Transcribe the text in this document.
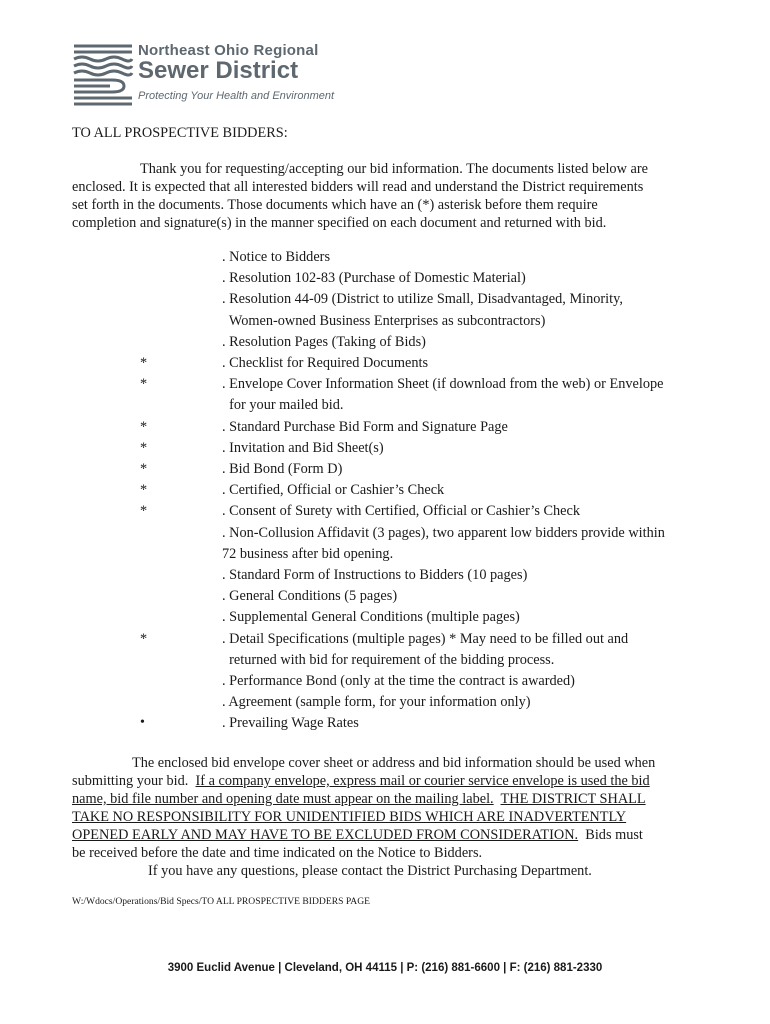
Northeast Ohio Regional
Sewer District
Protecting Your Health and Environment
TO ALL PROSPECTIVE BIDDERS:
Thank you for requesting/accepting our bid information. The documents listed below are
enclosed. It is expected that all interested bidders will read and understand the District requirements
set forth in the documents. Those documents which have an (*) asterisk before them require
completion and signature(s) in the manner specified on each document and returned with bid.
. Notice to Bidders
. Resolution 102-83 (Purchase of Domestic Material)
. Resolution 44-09 (District to utilize Small, Disadvantaged, Minority,
Women-owned Business Enterprises as subcontractors)
. Resolution Pages (Taking of Bids)
*	. Checklist for Required Documents
*	. Envelope Cover Information Sheet (if download from the web) or Envelope
for your mailed bid.
*	. Standard Purchase Bid Form and Signature Page
*	. Invitation and Bid Sheet(s)
*	. Bid Bond (Form D)
*	. Certified, Official or Cashier’s Check
*	. Consent of Surety with Certified, Official or Cashier’s Check
. Non-Collusion Affidavit (3 pages), two apparent low bidders provide within
72 business after bid opening.
. Standard Form of Instructions to Bidders (10 pages)
. General Conditions (5 pages)
. Supplemental General Conditions (multiple pages)
*	. Detail Specifications (multiple pages) * May need to be filled out and
returned with bid for requirement of the bidding process.
. Performance Bond (only at the time the contract is awarded)
. Agreement (sample form, for your information only)
•	. Prevailing Wage Rates
The enclosed bid envelope cover sheet or address and bid information should be used when
submitting your bid.  If a company envelope, express mail or courier service envelope is used the bid
name, bid file number and opening date must appear on the mailing label. THE DISTRICT SHALL
TAKE NO RESPONSIBILITY FOR UNIDENTIFIED BIDS WHICH ARE INADVERTENTLY
OPENED EARLY AND MAY HAVE TO BE EXCLUDED FROM CONSIDERATION.  Bids must
be received before the date and time indicated on the Notice to Bidders.
If you have any questions, please contact the District Purchasing Department.
W:/Wdocs/Operations/Bid Specs/TO ALL PROSPECTIVE BIDDERS PAGE
3900 Euclid Avenue | Cleveland, OH 44115 | P: (216) 881-6600 | F: (216) 881-2330
